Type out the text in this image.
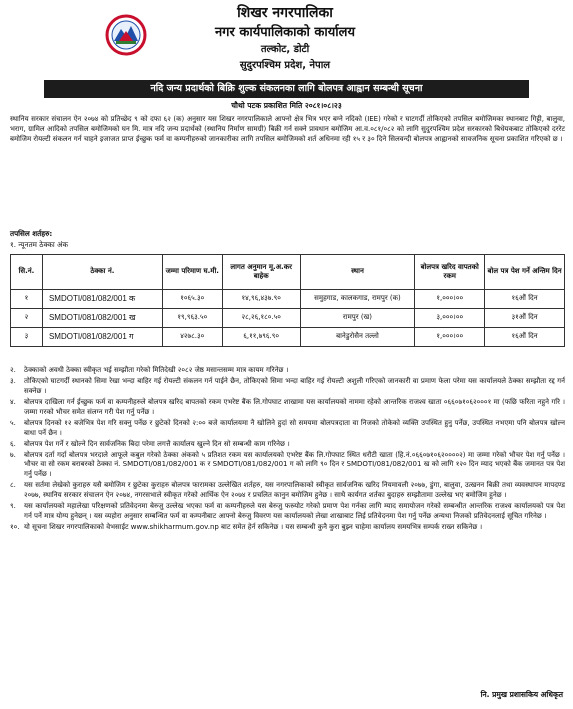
शिखर नगरपालिका
नगर कार्यपालिकाको कार्यालय
तल्कोट, डोटी
सुदुरपश्चिम प्रदेश, नेपाल
नदि जन्य प्रदार्थको बिक्रि शुल्क संकलनका लागि बोलपत्र आह्वान सम्बन्धी सूचना
चौथो पटक प्रकाशित मिति २०८१।०८।२३
स्थानिय सरकार संचालन ऐन २०७४ को प्रतिच्छेद ९ को दफा ६२ (क) अनुसार यस शिखर नगरपालिकाले आफ्नो क्षेत्र भित्र भएर बग्ने नदिको (IEE) गरेको र घाटगर्दी तोकिएको तपसिल बमोजिमका स्थानबाट गिट्टी, बालुवा, भराग, ग्रामिल आदिको तपसिल बमोजिमको घन मि. मात्र नदि जन्य प्रदार्थको (स्थानिय निर्माण सामग्री) बिक्री गर्न सक्ने प्रावधान बमोजिम आ.व.०८१/०८२ को लागि सुदुरपश्चिम प्रदेश सरकारको बिधेयकबाट तोकिएको दररेट बमोजिम रोयल्टी संकलन गर्न चाहने इजाजत प्राप्त ईच्छुक फर्म वा कम्पनीहरुको जानकारीका लागि तपसिल बमोजिमको शर्त अधिनमा रही १५ र ३० दिने सिलवन्दी बोलपत्र आह्वानको सावजनिक सूचना प्रकाशित गरिएको छ ।
तपसिल शर्तहरु:
१. न्यूनतम ठेक्का अंक
सि.नं.	ठेक्का नं.	जम्मा परिमाण घ.मी.	लागत अनुमान मू.अ.कर बाहेक	स्थान	बोलपत्र खरिद वापतको रकम	बोल पत्र पेश गर्ने अन्तिम दिन
१	SMDOTI/081/082/001 क	१०६५.३०	१४,९६,४३७.९०	समुहगाड, कालकगाड, रामपुर (क)	१,०००।००	१६औं दिन
२	SMDOTI/081/082/001 ख	१९,९६३.५०	२८,२६,१८०.५०	रामपुर (ख)	३,०००।००	३१औं दिन
३	SMDOTI/081/082/001 ग	४२७८.३०	६,११,७९६.९०	बानेडुरोसैन तल्लो	१,०००।००	१६औं दिन
२.	ठेक्काको अवधी ठेक्का स्वीकृत भई सम्झौता गरेको मितिदेखी २०८२ जेष्ठ मसान्तसम्म मात्र कायम गरिनेछ ।
३.	तोकिएको घाटगर्दी स्थानको सिमा रेखा भन्दा बाहिर गई रोयल्टी संकलन गर्न पाईने छैन, तोकिएको सिमा भन्दा बाहिर गई रोयल्टी अशुली गरिएको जानकारी वा प्रमाण फेला परेमा यस कार्यालयले ठेक्का सम्झौता रद्द गर्न सक्नेछ ।
४.	बोलपत्र दाखिला गर्न ईच्छुक फर्म वा कम्पनीहरुले बोलपत्र खरिद बापतको रकम एभरेष्ट बैंक लि.गोपघाट शाखामा यस कार्यालयको नाममा रहेको आन्तरिक राजश्व खाता ०६६०७१०६२०००१ मा (फछि फरिता नहुने गरि । जम्मा गरको भौचर समेत संलग्न गरी पेश गर्नु पर्नेछ ।
५.	बोलपत्र दिनको १२ बजेभित्र पेश गरि सक्नु पर्नेछ र छुटेको दिनको २:०० बजे कार्यालयमा नै खोलिने हुदां सो समयमा बोलपत्रदाता वा निजको तोकेको व्यक्ति उपस्थित हुनु पर्नेछ, उपस्थित नभएमा पनि बोलपत्र खोल्न बाधा पर्ने छैन ।
६.	बोलपत्र पेश गर्ने र खोल्ने दिन सार्वजनिक बिदा परेमा लगत्तै कार्यालय खुल्ने दिन सो सम्बन्धी काम गरिनेछ ।
७.	बोलपत्र दर्ता गर्दा बोलपत्र भरदाले आफूले कबुल गरेको ठेक्का अंकको ५ प्रतिशत रकम यस कार्यालयको एभरेष्ट बैंक लि.गोपघाट स्थित धरौटी खाता (हि.नं.०६६०७१०६२००००२) मा जम्मा गरेको भौचर पेश गर्नु पर्नेछ । भौचर वा सो रकम बराबरको ठेक्का नं. SMDOTI/081/082/001 क र SMDOTI/081/082/001 ग को लागि ९० दिन र SMDOTI/081/082/001 ख को लागि १२० दिन म्याद भएको बैंक जमानत पत्र पेश गर्नु पर्नेछ ।
८.	यस सर्तमा लेखेको कुराहरु यसै बमोजिम र छुटेका कुराहरु बोलपत्र फारामका उल्लेखित शर्तहरु, यस नगरपालिकाको स्वीकृत सार्वजनिक खरिद नियमावली २०७७, डुंगा, बालुवा, उत्खनन बिक्री तथा व्यवस्थापन मापदण्ड २०७७, स्थानिय सरकार संचालन ऐन २०७४, नगरसभाले स्वीकृत गरेको आर्थिक ऐन २०७४ र प्रचलित कानुन बमोजिम हुनेछ । साथै कार्यगत शर्तका बुदाहरु सम्झौतामा उल्लेख भए बमोजिम हुनेछ ।
९.	यस कार्यालयको महालेखा परिक्षणको प्रतिवेदनमा बेरुजु उल्लेख भएका फर्म वा कम्पनीहरुले यस बेरुजु फस्र्योट गरेको प्रमाण पेश गर्नका लागि म्याद समायोजन गरेको सम्बन्धीत आन्तरिक राजश्व कार्यालयको पत्र पेश गर्न पर्ने मात्र योग्य हुनेछन् । यस व्यहोरा अनुसार सम्बन्धित फर्म वा कम्पनीबाट आफ्नो बेरुजु विवरण यस कार्यालयको लेखा शाखाबाट लिई प्रतिवेदनमा पेश गर्नु पर्नेछ अन्यथा निजको प्रतिवेदनलाई सूचित गरिनेछ ।
१०. यो सूचना शिखर नगरपालिकाको वेभसाईट www.shikharmum.gov.np बाट समेत हेर्न सकिनेछ । यस सम्बन्धी कुनै कुरा बुझ्न चाहेमा कार्यालय समयभित्र सम्पर्क राख्न सकिनेछ ।
नि. प्रमुख प्रशासकिय अधिकृत
